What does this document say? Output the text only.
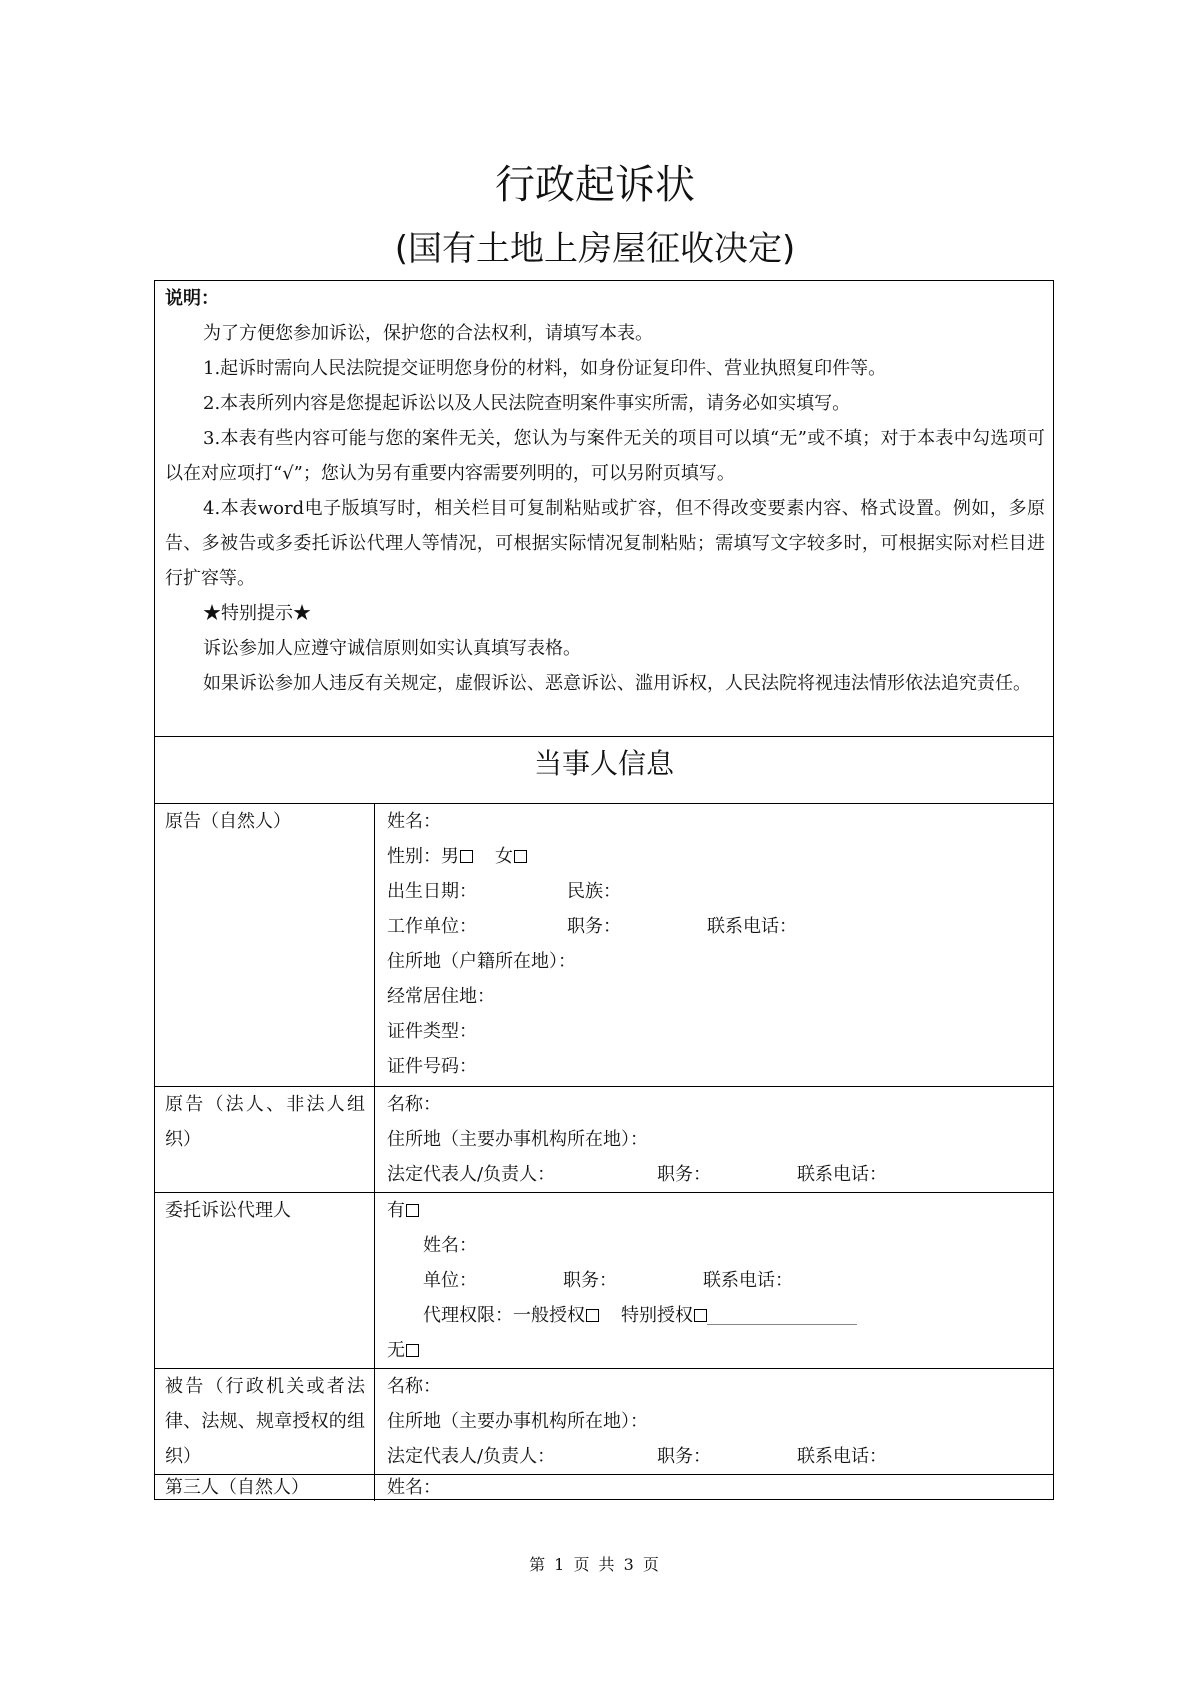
行政起诉状
(国有土地上房屋征收决定)
说明：
为了方便您参加诉讼，保护您的合法权利，请填写本表。
1.起诉时需向人民法院提交证明您身份的材料，如身份证复印件、营业执照复印件等。
2.本表所列内容是您提起诉讼以及人民法院查明案件事实所需，请务必如实填写。
3.本表有些内容可能与您的案件无关，您认为与案件无关的项目可以填“无”或不填；对于本表中勾选项可以在对应项打“√”；您认为另有重要内容需要列明的，可以另附页填写。
4.本表word电子版填写时，相关栏目可复制粘贴或扩容，但不得改变要素内容、格式设置。例如，多原告、多被告或多委托诉讼代理人等情况，可根据实际情况复制粘贴；需填写文字较多时，可根据实际对栏目进行扩容等。
★特别提示★
诉讼参加人应遵守诚信原则如实认真填写表格。
如果诉讼参加人违反有关规定，虚假诉讼、恶意诉讼、滥用诉权，人民法院将视违法情形依法追究责任。
当事人信息
原告（自然人）	姓名：
性别：男 女
出生日期：	民族：
工作单位：	职务：	联系电话：
住所地（户籍所在地）：
经常居住地：
证件类型：
证件号码：
原告（法人、非法人组织）
名称：
住所地（主要办事机构所在地）：
法定代表人/负责人：	职务：	联系电话：
委托诉讼代理人	有
姓名：
单位：	职务：	联系电话：
代理权限：一般授权 特别授权
无
被告（行政机关或者法律、法规、规章授权的组织）
名称：
住所地（主要办事机构所在地）：
法定代表人/负责人：	职务：	联系电话：
第三人（自然人）	姓名：
第 1 页 共 3 页
